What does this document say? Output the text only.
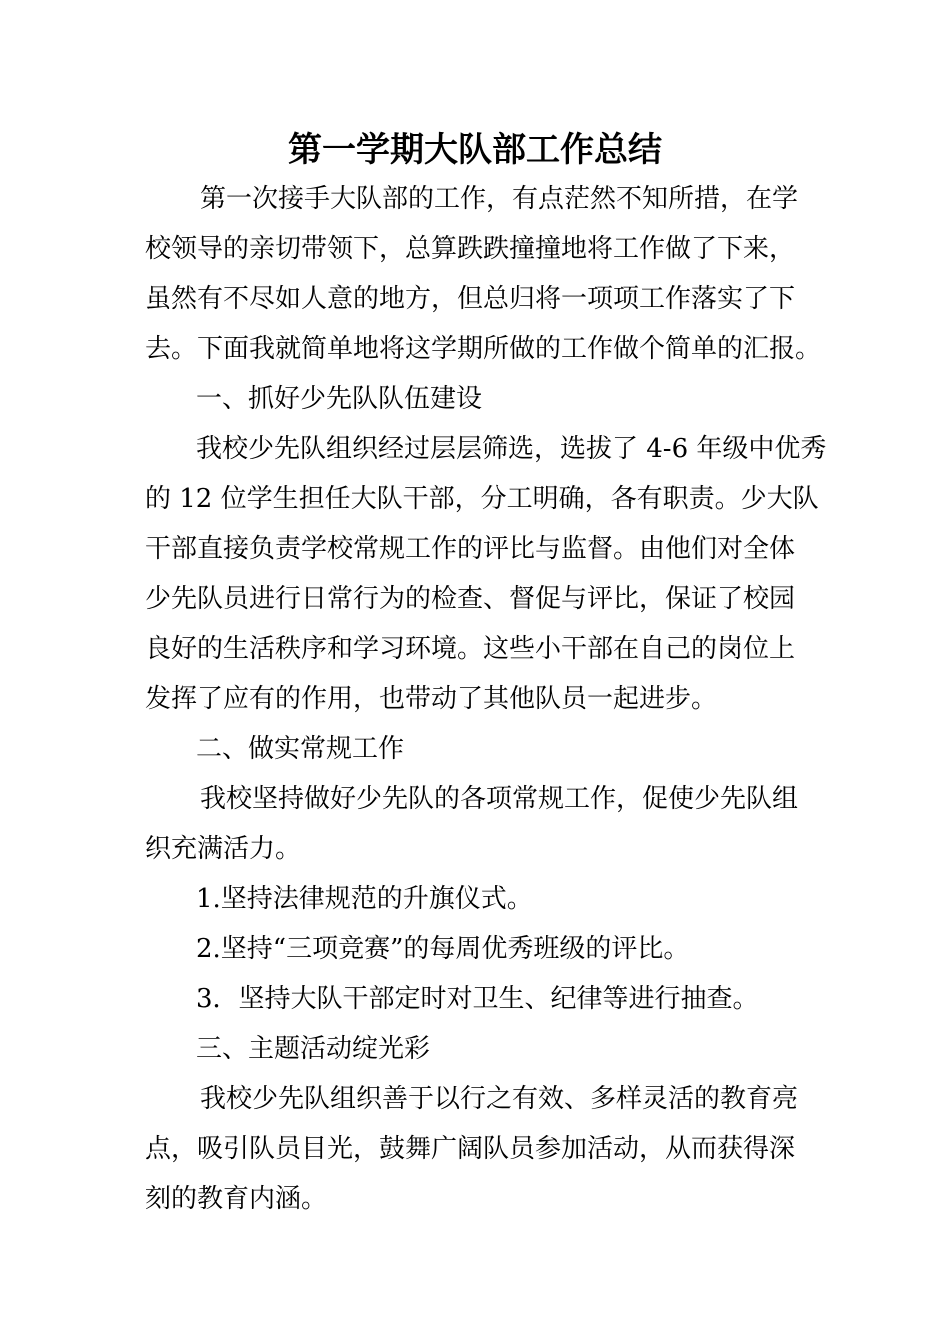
第一学期大队部工作总结
第一次接手大队部的工作，有点茫然不知所措，在学
校领导的亲切带领下，总算跌跌撞撞地将工作做了下来，
虽然有不尽如人意的地方，但总归将一项项工作落实了下
去。下面我就简单地将这学期所做的工作做个简单的汇报。
一、抓好少先队队伍建设
我校少先队组织经过层层筛选，选拔了 4-6 年级中优秀
的 12 位学生担任大队干部，分工明确，各有职责。少大队
干部直接负责学校常规工作的评比与监督。由他们对全体
少先队员进行日常行为的检查、督促与评比，保证了校园
良好的生活秩序和学习环境。这些小干部在自己的岗位上
发挥了应有的作用，也带动了其他队员一起进步。
二、做实常规工作
我校坚持做好少先队的各项常规工作，促使少先队组
织充满活力。
1.坚持法律规范的升旗仪式。
2.坚持“三项竞赛”的每周优秀班级的评比。
3．坚持大队干部定时对卫生、纪律等进行抽查。
三、主题活动绽光彩
我校少先队组织善于以行之有效、多样灵活的教育亮
点，吸引队员目光，鼓舞广阔队员参加活动，从而获得深
刻的教育内涵。
